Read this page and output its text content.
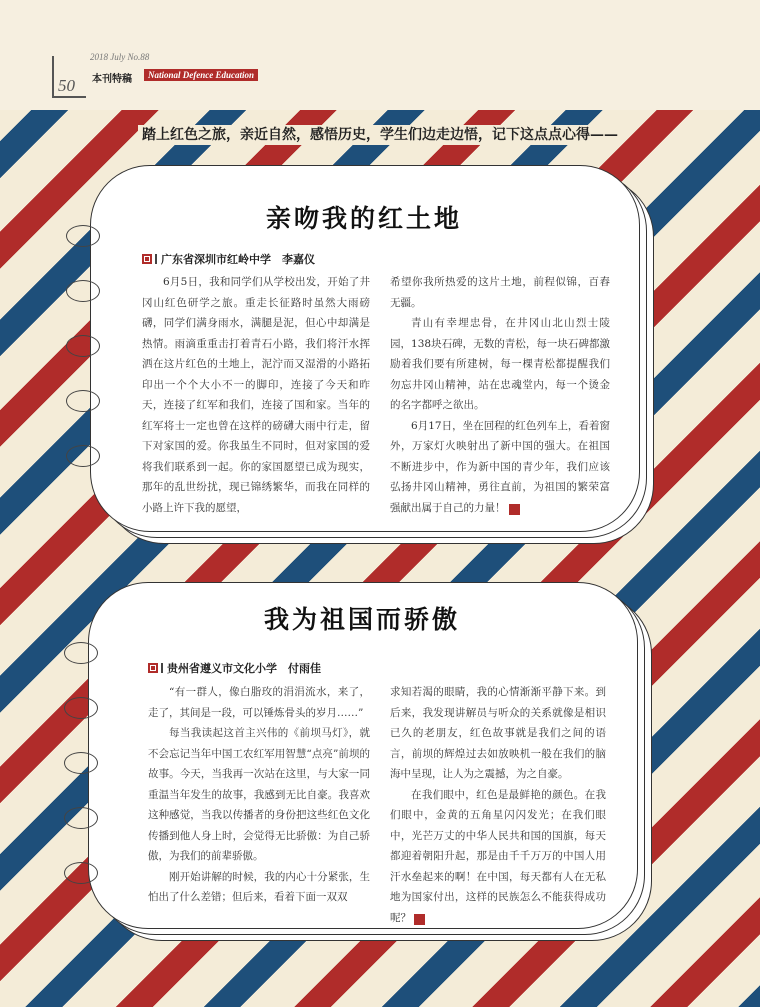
50
2018 July No.88
本刊特稿	National Defence Education
踏上红色之旅，亲近自然，感悟历史，学生们边走边悟，记下这点点心得——
亲吻我的红土地
广东省深圳市红岭中学　李嘉仪

6月5日，我和同学们从学校出发，开始了井冈山红色研学之旅。重走长征路时虽然大雨磅礴，同学们满身雨水，满腿是泥，但心中却满是热情。雨滴重重击打着青石小路，我们将汗水挥洒在这片红色的土地上，泥泞而又湿滑的小路拓印出一个个大小不一的脚印，连接了今天和昨天，连接了红军和我们，连接了国和家。当年的红军将士一定也曾在这样的磅礴大雨中行走，留下对家国的爱。你我虽生不同时，但对家国的爱将我们联系到一起。你的家国愿望已成为现实，那年的乱世纷扰，现已锦绣繁华，而我在同样的小路上许下我的愿望，

希望你我所热爱的这片土地，前程似锦，百舂无疆。

青山有幸埋忠骨，在井冈山北山烈士陵园，138块石碑，无数的青松，每一块石碑都激励着我们要有所建树，每一棵青松都提醒我们勿忘井冈山精神，站在忠魂堂内，每一个烫金的名字都呼之欲出。

6月17日，坐在回程的红色列车上，看着窗外，万家灯火映射出了新中国的强大。在祖国不断进步中，作为新中国的青少年，我们应该弘扬井冈山精神，勇往直前，为祖国的繁荣富强献出属于自己的力量！	G

我为祖国而骄傲
贵州省遵义市文化小学　付雨佳

“有一群人，像白脂玫的涓涓流水，来了，走了，其间是一段，可以锤炼骨头的岁月……”

每当我读起这首主兴伟的《前坝马灯》，就不会忘记当年中国工农红军用智慧“点亮”前坝的故事。今天，当我再一次站在这里，与大家一同重温当年发生的故事，我感到无比自豪。我喜欢这种感觉，当我以传播者的身份把这些红色文化传播到他人身上时，会觉得无比骄傲：为自己骄傲，为我们的前辈骄傲。

刚开始讲解的时候，我的内心十分紧张，生怕出了什么差错；但后来，看着下面一双双

求知若渴的眼睛，我的心情渐渐平静下来。到后来，我发现讲解员与听众的关系就像是相识已久的老朋友，红色故事就是我们之间的语言，前坝的辉煌过去如放映机一般在我们的脑海中呈现，让人为之震撼，为之自豪。

在我们眼中，红色是最鲜艳的颜色。在我们眼中，金黄的五角星闪闪发光；在我们眼中，光芒万丈的中华人民共和国的国旗，每天都迎着朝阳升起，那是由千千万万的中国人用汗水垒起来的啊！在中国，每天都有人在无私地为国家付出，这样的民族怎么不能获得成功呢？	G
